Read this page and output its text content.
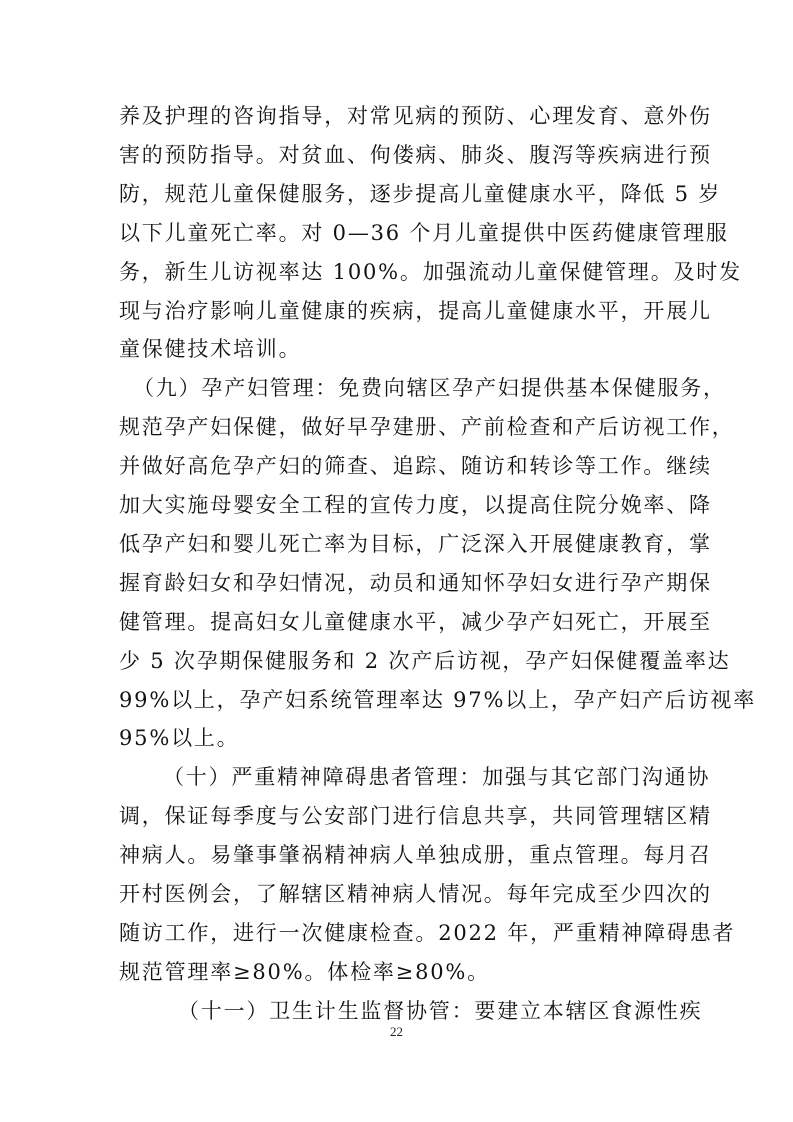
养及护理的咨询指导，对常见病的预防、心理发育、意外伤
害的预防指导。对贫血、佝偻病、肺炎、腹泻等疾病进行预
防，规范儿童保健服务，逐步提高儿童健康水平，降低 5 岁
以下儿童死亡率。对 0—36 个月儿童提供中医药健康管理服
务，新生儿访视率达 100%。加强流动儿童保健管理。及时发
现与治疗影响儿童健康的疾病，提高儿童健康水平，开展儿
童保健技术培训。
（九）孕产妇管理：免费向辖区孕产妇提供基本保健服务，
规范孕产妇保健，做好早孕建册、产前检查和产后访视工作，
并做好高危孕产妇的筛查、追踪、随访和转诊等工作。继续
加大实施母婴安全工程的宣传力度，以提高住院分娩率、降
低孕产妇和婴儿死亡率为目标，广泛深入开展健康教育，掌
握育龄妇女和孕妇情况，动员和通知怀孕妇女进行孕产期保
健管理。提高妇女儿童健康水平，减少孕产妇死亡，开展至
少 5 次孕期保健服务和 2 次产后访视，孕产妇保健覆盖率达
99%以上，孕产妇系统管理率达 97%以上，孕产妇产后访视率
95%以上。
（十）严重精神障碍患者管理：加强与其它部门沟通协
调，保证每季度与公安部门进行信息共享，共同管理辖区精
神病人。易肇事肇祸精神病人单独成册，重点管理。每月召
开村医例会，了解辖区精神病人情况。每年完成至少四次的
随访工作，进行一次健康检查。2022 年，严重精神障碍患者
规范管理率≥80%。体检率≥80%。
（十一）卫生计生监督协管：要建立本辖区食源性疾
22
